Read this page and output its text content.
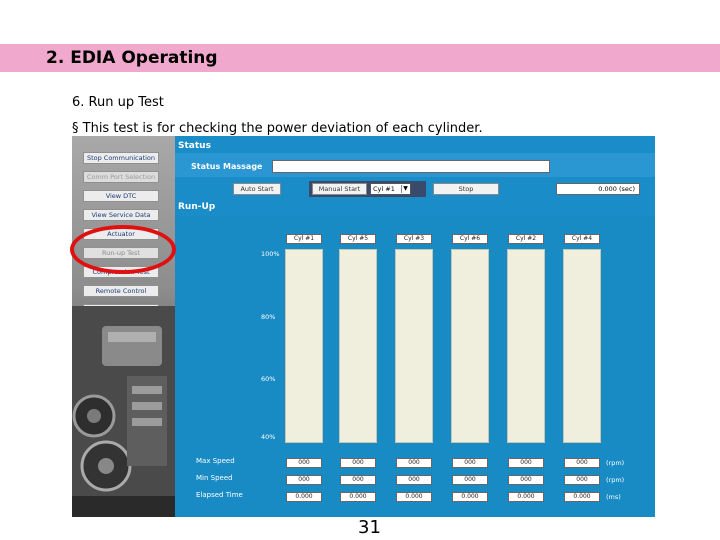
2. EDIA Operating
6. Run up Test
§ This test is for checking the power deviation of each cylinder.
Stop Communication
Comm Port Selection
View DTC
View Service Data
Actuator
Run-up Test
Compression Test
Remote Control
Status
Status Massage
Auto Start	Manual Start	Cyl #1	▼	Stop	0.000 (sec)
Run-Up
Cyl #1	Cyl #5	Cyl #3	Cyl #6	Cyl #2	Cyl #4
100%
80%
60%
40%
Max Speed	000	000	000	000	000	000	(rpm)
Min Speed	000	000	000	000	000	000	(rpm)
Elapsed Time	0.000	0.000	0.000	0.000	0.000	0.000	(ms)
31
